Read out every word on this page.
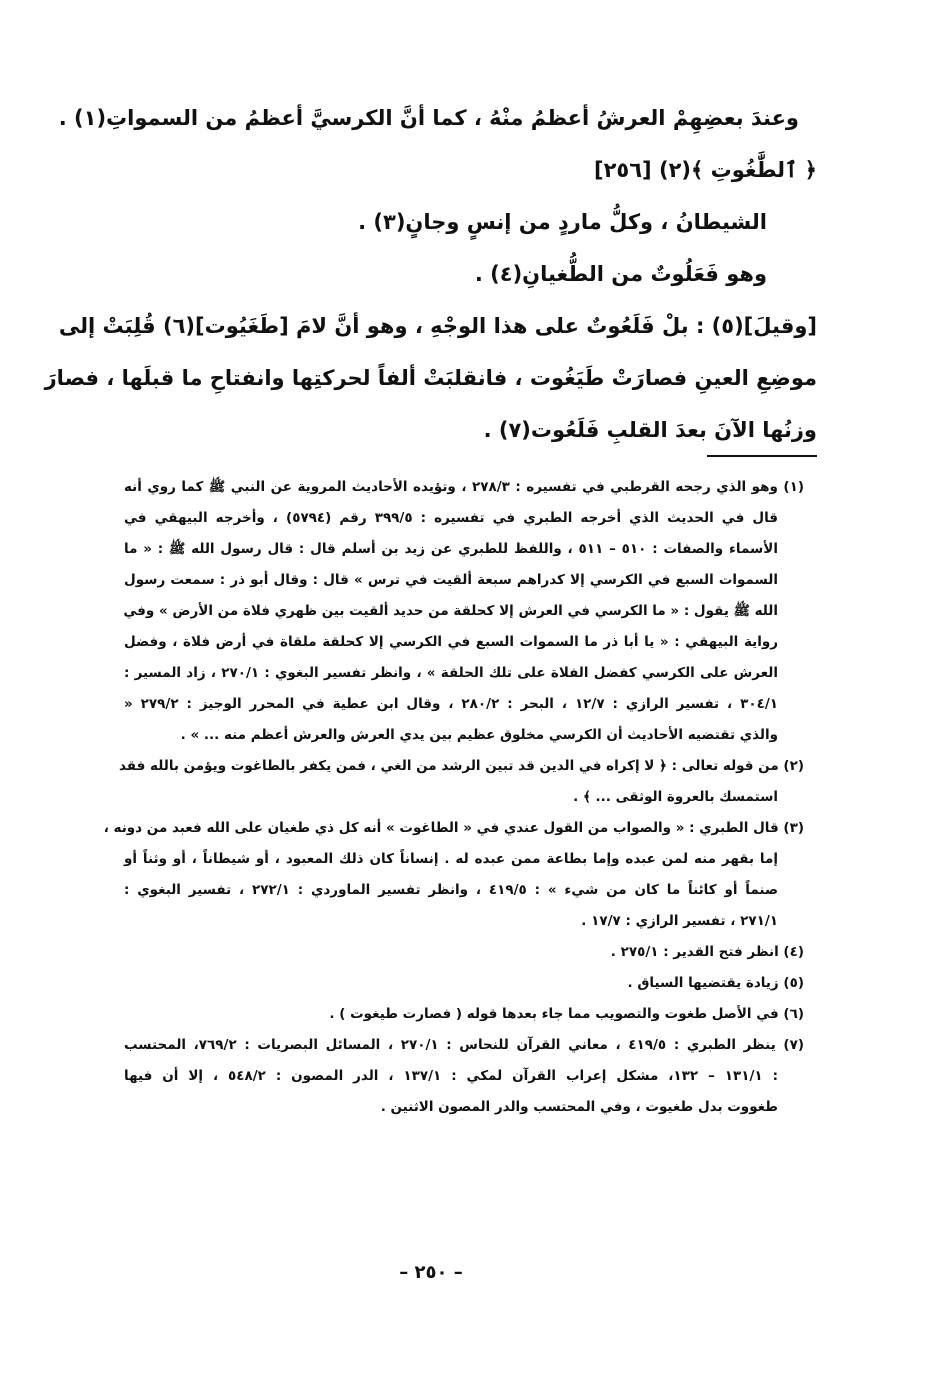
وعندَ بعضِهِمْ العرشُ أعظمُ منْهُ ، كما أنَّ الكرسيَّ أعظمُ من السمواتِ(١) .
﴿ ٱلطَّٰغُوتِ ﴾(٢) [٢٥٦]
الشيطانُ ، وكلُّ ماردٍ من إنسٍ وجانٍ(٣) .
وهو فَعَلُوتٌ من الطُّغيانِ(٤) .
[وقيلَ](٥) : بلْ فَلَعُوتٌ على هذا الوجْهِ ، وهو أنَّ لامَ [طَغَيُوت](٦) قُلِبَتْ إلى
موضِعِ العينِ فصارَتْ طَيَغُوت ، فانقلبَتْ ألفاً لحركتِها وانفتاحِ ما قبلَها ، فصارَ
وزنُها الآنَ بعدَ القلبِ فَلَعُوت(٧) .
(١) وهو الذي رجحه القرطبي في تفسيره : ٢٧٨/٣ ، وتؤيده الأحاديث المروية عن النبي ﷺ كما روي أنه
قال في الحديث الذي أخرجه الطبري في تفسيره : ٣٩٩/٥ رقم (٥٧٩٤) ، وأخرجه البيهقي في
الأسماء والصفات : ٥١٠ – ٥١١ ، واللفظ للطبري عن زيد بن أسلم قال : قال رسول الله ﷺ : « ما
السموات السبع في الكرسي إلا كدراهم سبعة ألقيت في ترس » قال : وقال أبو ذر : سمعت رسول
الله ﷺ يقول : « ما الكرسي في العرش إلا كحلقة من حديد ألقيت بين ظهري فلاة من الأرض » وفي
رواية البيهقي : « يا أبا ذر ما السموات السبع في الكرسي إلا كحلقة ملقاة في أرض فلاة ، وفضل
العرش على الكرسي كفضل الفلاة على تلك الحلقة » ، وانظر تفسير البغوي : ٢٧٠/١ ، زاد المسير :
٣٠٤/١ ، تفسير الرازي : ١٢/٧ ، البحر : ٢٨٠/٢ ، وقال ابن عطية في المحرر الوجيز : ٢٧٩/٢ «
والذي تقتضيه الأحاديث أن الكرسي مخلوق عظيم بين يدي العرش والعرش أعظم منه ... » .
(٢) من قوله تعالى : ﴿ لا إكراه في الدين قد تبين الرشد من الغي ، فمن يكفر بالطاغوت ويؤمن بالله فقد
استمسك بالعروة الوثقى ... ﴾ .
(٣) قال الطبري : « والصواب من القول عندي في « الطاغوت » أنه كل ذي طغيان على الله فعبد من دونه ،
إما بقهر منه لمن عبده وإما بطاعة ممن عبده له . إنساناً كان ذلك المعبود ، أو شيطاناً ، أو وثناً أو
صنماً أو كائناً ما كان من شيء » : ٤١٩/٥ ، وانظر تفسير الماوردي : ٢٧٢/١ ، تفسير البغوي :
٢٧١/١ ، تفسير الرازي : ١٧/٧ .
(٤) انظر فتح القدير : ٢٧٥/١ .
(٥) زيادة يقتضيها السياق .
(٦) في الأصل طغوت والتصويب مما جاء بعدها قوله ( فصارت طيغوت ) .
(٧) ينظر الطبري : ٤١٩/٥ ، معاني القرآن للنحاس : ٢٧٠/١ ، المسائل البصريات : ٧٦٩/٢، المحتسب
: ١٣١/١ – ١٣٢، مشكل إعراب القرآن لمكي : ١٣٧/١ ، الدر المصون : ٥٤٨/٢ ، إلا أن فيها
طغووت بدل طغيوت ، وفي المحتسب والدر المصون الاثنين .
– ٢٥٠ –
